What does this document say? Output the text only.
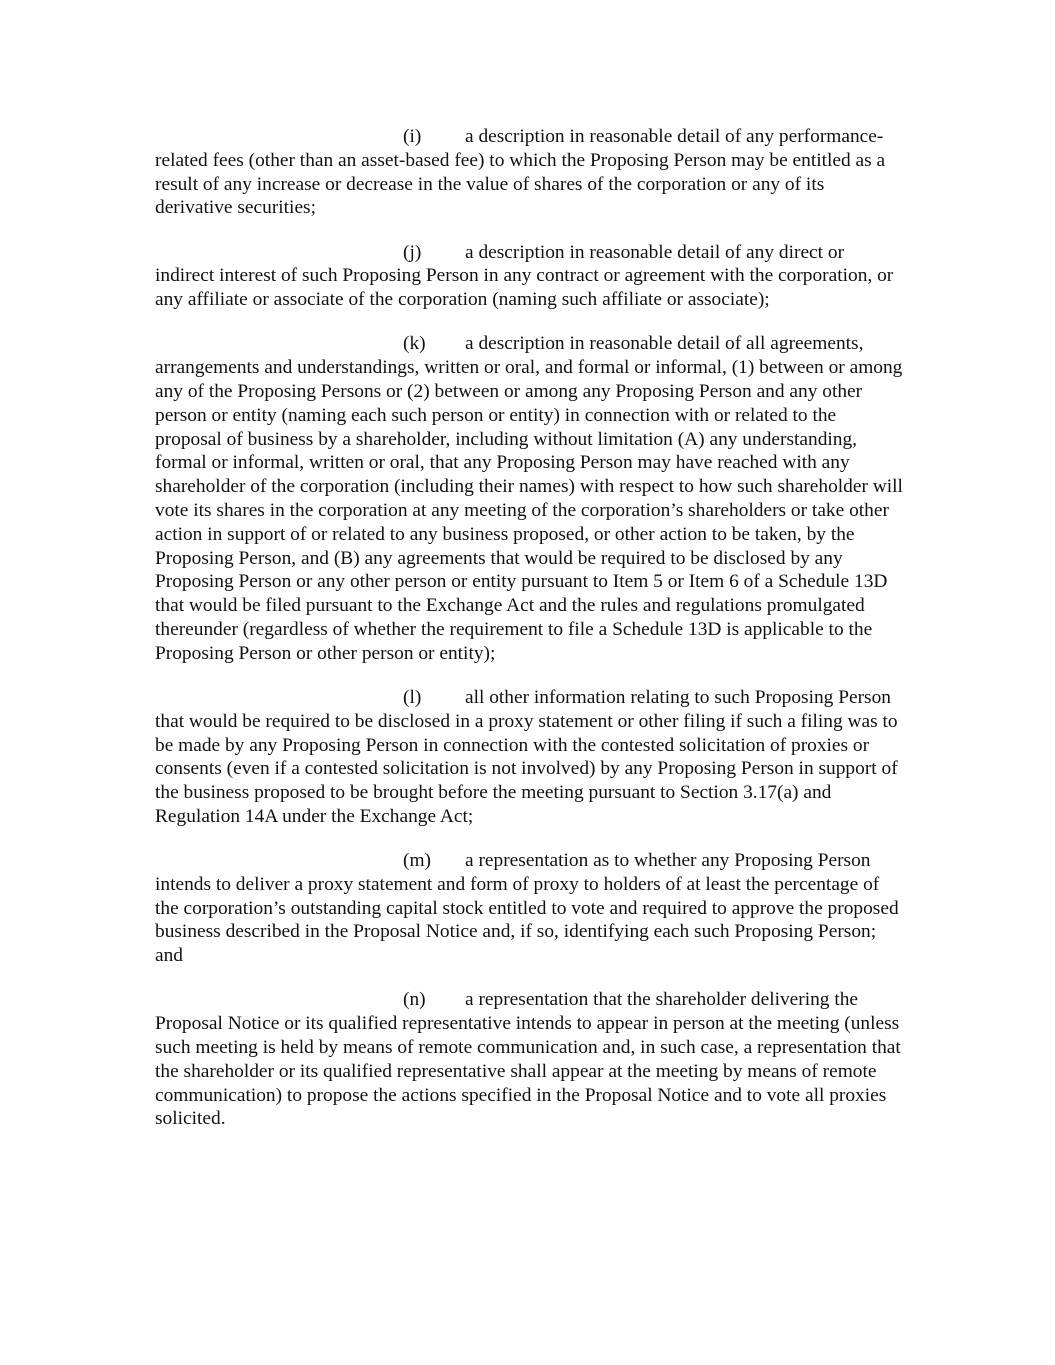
(i) a description in reasonable detail of any performance-related fees (other than an asset-based fee) to which the Proposing Person may be entitled as a result of any increase or decrease in the value of shares of the corporation or any of its derivative securities;

(j) a description in reasonable detail of any direct or indirect interest of such Proposing Person in any contract or agreement with the corporation, or any affiliate or associate of the corporation (naming such affiliate or associate);

(k) a description in reasonable detail of all agreements, arrangements and understandings, written or oral, and formal or informal, (1) between or among any of the Proposing Persons or (2) between or among any Proposing Person and any other person or entity (naming each such person or entity) in connection with or related to the proposal of business by a shareholder, including without limitation (A) any understanding, formal or informal, written or oral, that any Proposing Person may have reached with any shareholder of the corporation (including their names) with respect to how such shareholder will vote its shares in the corporation at any meeting of the corporation’s shareholders or take other action in support of or related to any business proposed, or other action to be taken, by the Proposing Person, and (B) any agreements that would be required to be disclosed by any Proposing Person or any other person or entity pursuant to Item 5 or Item 6 of a Schedule 13D that would be filed pursuant to the Exchange Act and the rules and regulations promulgated thereunder (regardless of whether the requirement to file a Schedule 13D is applicable to the Proposing Person or other person or entity);

(l) all other information relating to such Proposing Person that would be required to be disclosed in a proxy statement or other filing if such a filing was to be made by any Proposing Person in connection with the contested solicitation of proxies or consents (even if a contested solicitation is not involved) by any Proposing Person in support of the business proposed to be brought before the meeting pursuant to Section 3.17(a) and Regulation 14A under the Exchange Act;

(m) a representation as to whether any Proposing Person intends to deliver a proxy statement and form of proxy to holders of at least the percentage of the corporation’s outstanding capital stock entitled to vote and required to approve the proposed business described in the Proposal Notice and, if so, identifying each such Proposing Person; and

(n) a representation that the shareholder delivering the Proposal Notice or its qualified representative intends to appear in person at the meeting (unless such meeting is held by means of remote communication and, in such case, a representation that the shareholder or its qualified representative shall appear at the meeting by means of remote communication) to propose the actions specified in the Proposal Notice and to vote all proxies solicited.
